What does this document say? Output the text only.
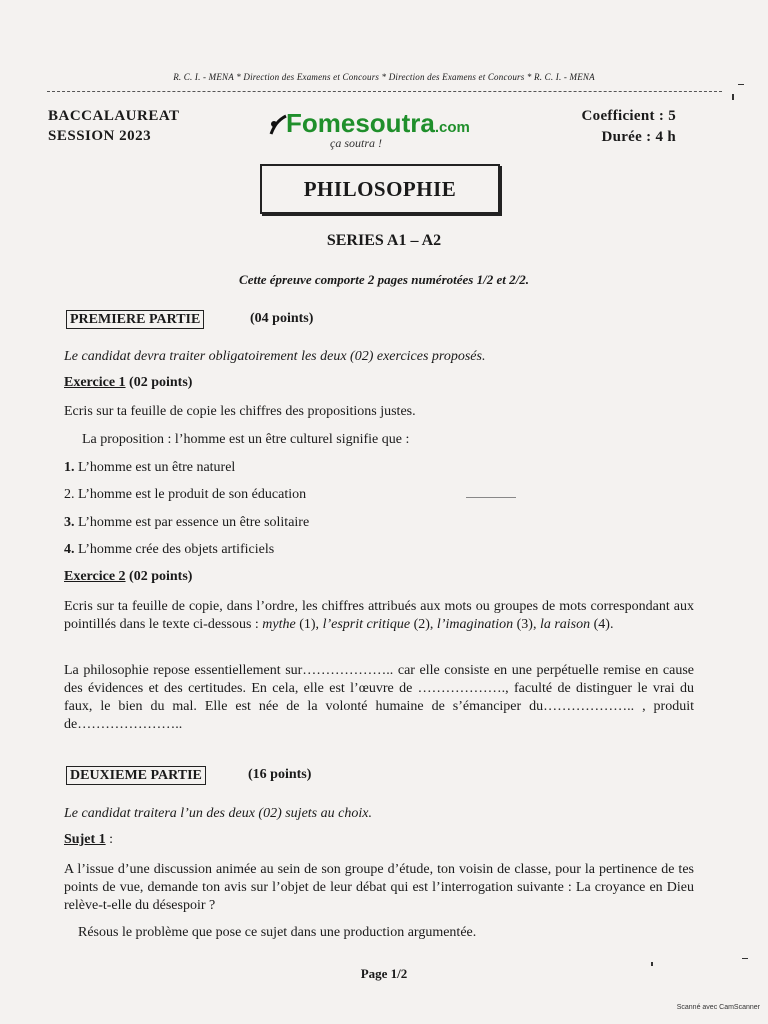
R. C. I. - MENA * Direction des Examens et Concours * Direction des Examens et Concours * R. C. I. - MENA
BACCALAUREAT
SESSION 2023	Fomesoutra.com
ça soutra !
Coefficient : 5
Durée : 4 h
PHILOSOPHIE
SERIES A1 – A2
Cette épreuve comporte 2 pages numérotées 1/2 et 2/2.
PREMIERE PARTIE	(04 points)
Le candidat devra traiter obligatoirement les deux (02) exercices proposés.
Exercice 1 (02 points)
Ecris sur ta feuille de copie les chiffres des propositions justes.
La proposition : l’homme est un être culturel signifie que :
1. L’homme est un être naturel
2. L’homme est le produit de son éducation
3. L’homme est par essence un être solitaire
4. L’homme crée des objets artificiels
Exercice 2 (02 points)
Ecris sur ta feuille de copie, dans l’ordre, les chiffres attribués aux mots ou groupes de mots correspondant aux pointillés dans le texte ci-dessous : mythe (1), l’esprit critique (2), l’imagination (3), la raison (4).
La philosophie repose essentiellement sur……………….. car elle consiste en une perpétuelle remise en cause des évidences et des certitudes. En cela, elle est l’œuvre de ………………., faculté de distinguer le vrai du faux, le bien du mal. Elle est née de la volonté humaine de s’émanciper du……………….. , produit de…………………..
DEUXIEME PARTIE	(16 points)
Le candidat traitera l’un des deux (02) sujets au choix.
Sujet 1 :
A l’issue d’une discussion animée au sein de son groupe d’étude, ton voisin de classe, pour la pertinence de tes points de vue, demande ton avis sur l’objet de leur débat qui est l’interrogation suivante : La croyance en Dieu relève-t-elle du désespoir ?
Résous le problème que pose ce sujet dans une production argumentée.
Page 1/2
Scanné avec CamScanner
